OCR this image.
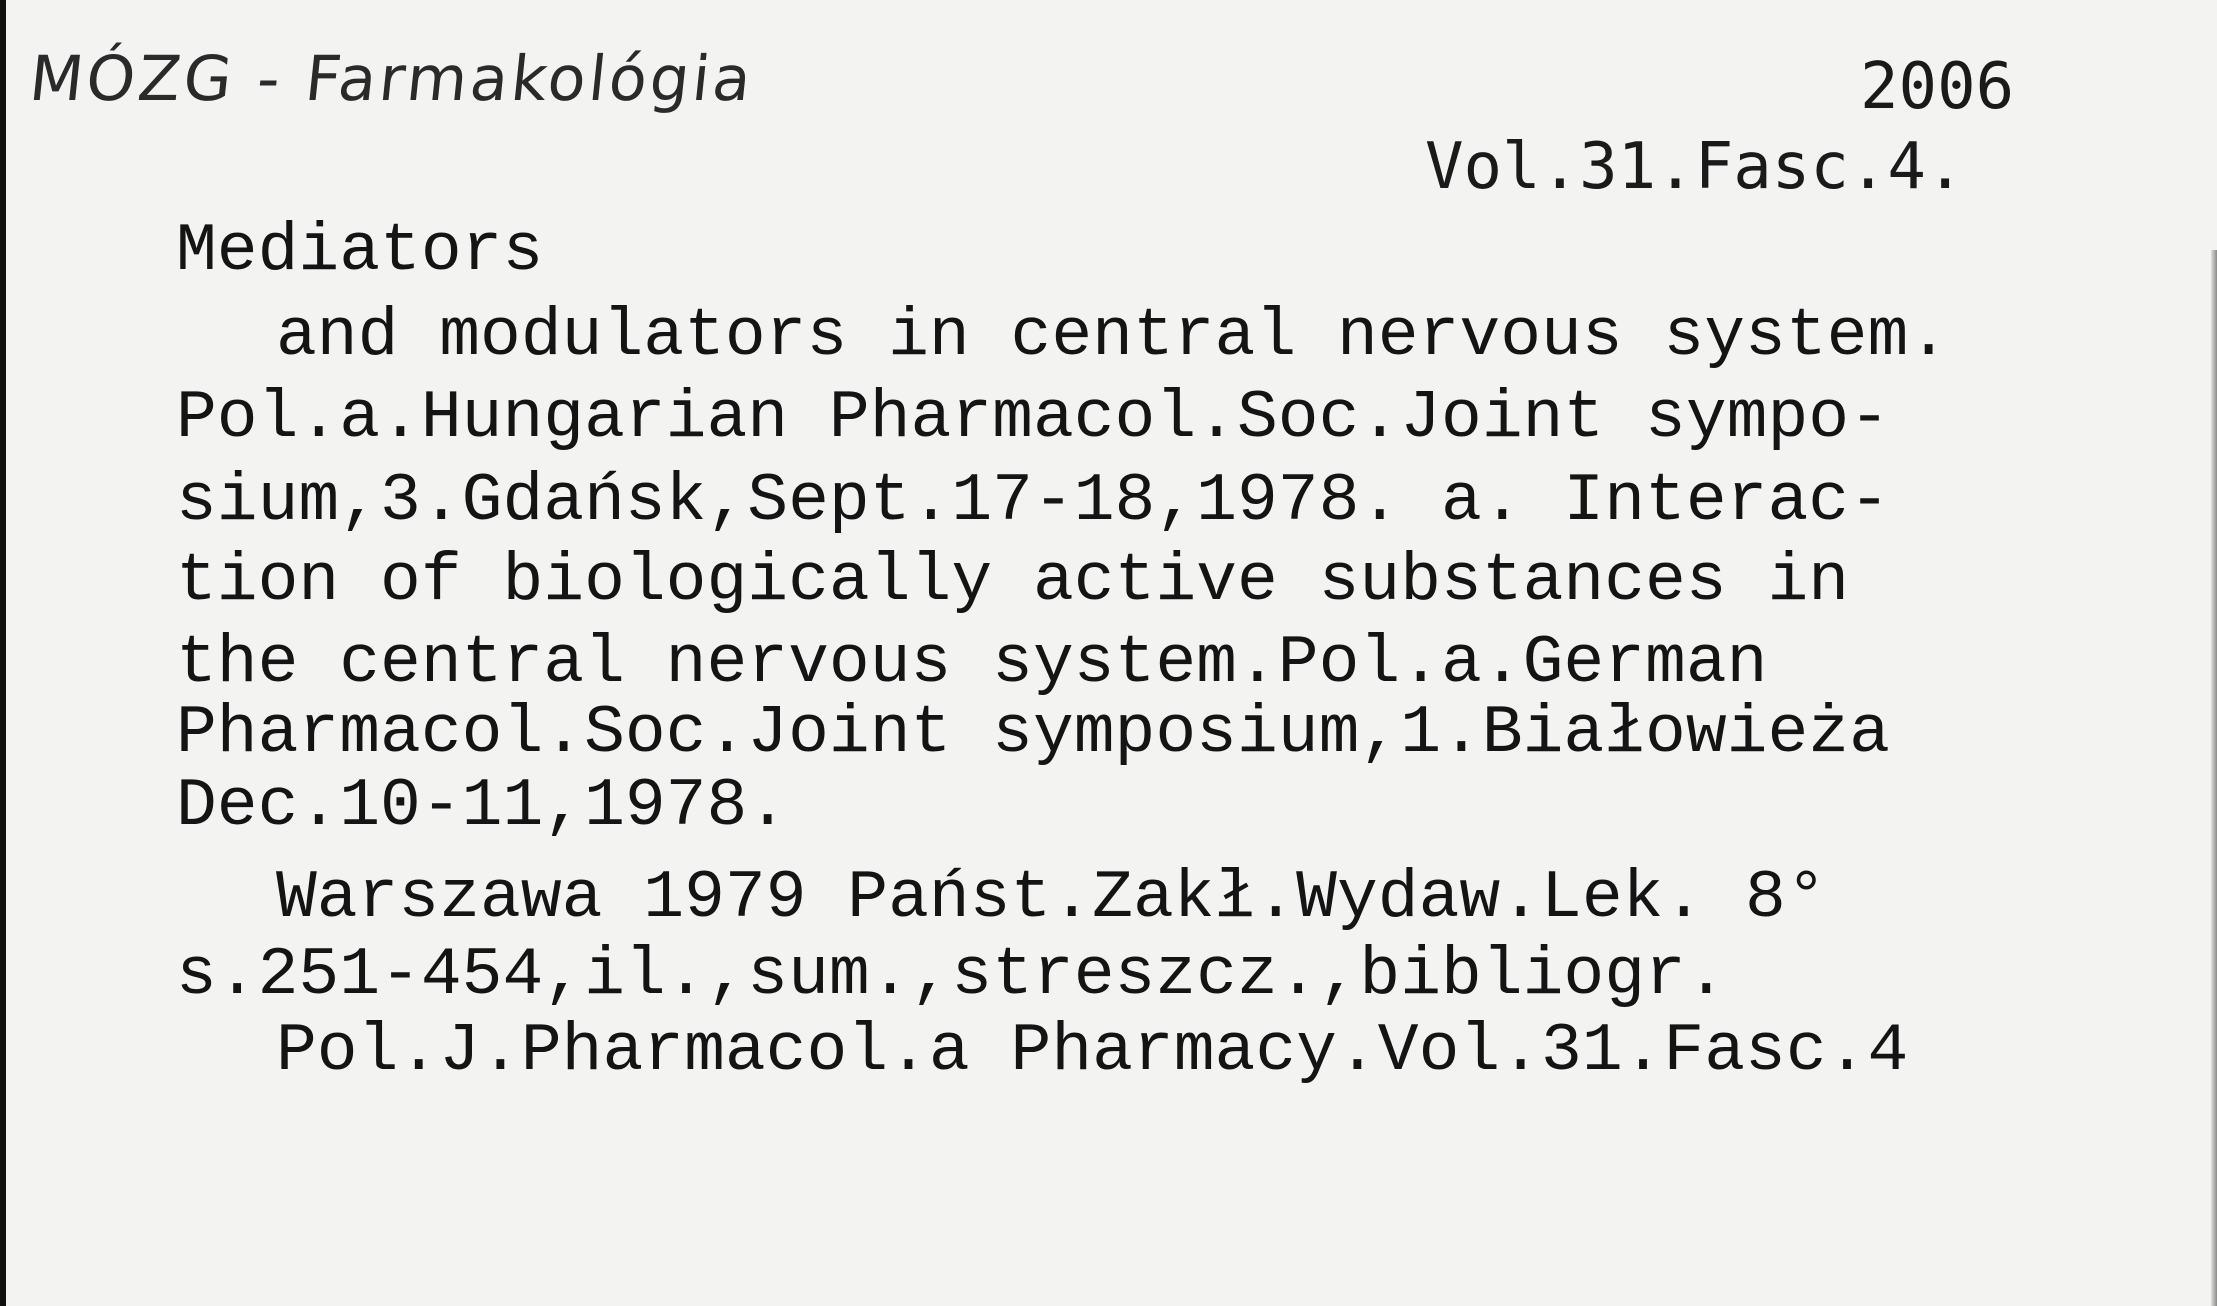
MÓZG - Farmakológia	2006
Vol.31.Fasc.4.
Mediators
and modulators in central nervous system.
Pol.a.Hungarian Pharmacol.Soc.Joint sympo-
sium,3.Gdańsk,Sept.17-18,1978. a. Interac-
tion of biologically active substances in
the central nervous system.Pol.a.German
Pharmacol.Soc.Joint symposium,1.Białowieża
Dec.10-11,1978.
Warszawa 1979 Państ.Zakł.Wydaw.Lek. 8°
s.251-454,il.,sum.,streszcz.,bibliogr.
Pol.J.Pharmacol.a Pharmacy.Vol.31.Fasc.4
